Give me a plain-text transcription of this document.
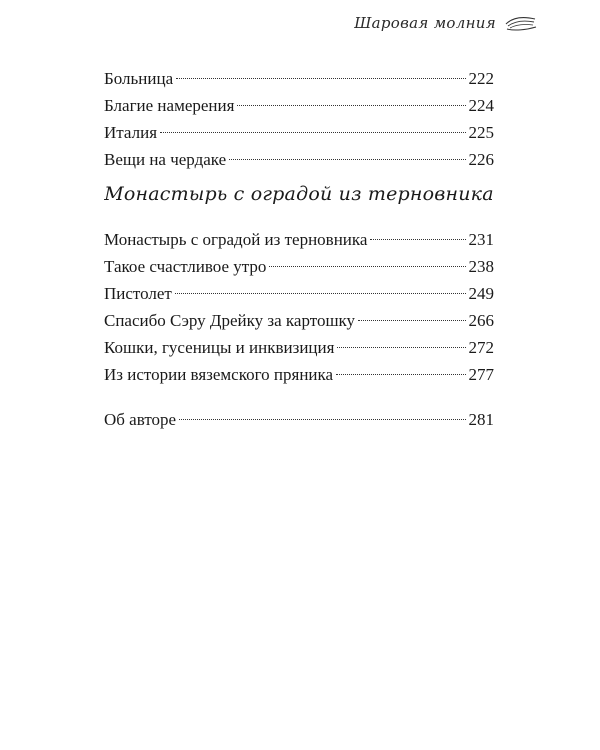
Шаровая молния
Больница	222
Благие намерения	224
Италия	225
Вещи на чердаке	226
Монастырь с оградой из терновника
Монастырь с оградой из терновника	231
Такое счастливое утро	238
Пистолет	249
Спасибо Сэру Дрейку за картошку	266
Кошки, гусеницы и инквизиция	272
Из истории вяземского пряника	277
Об авторе	281
